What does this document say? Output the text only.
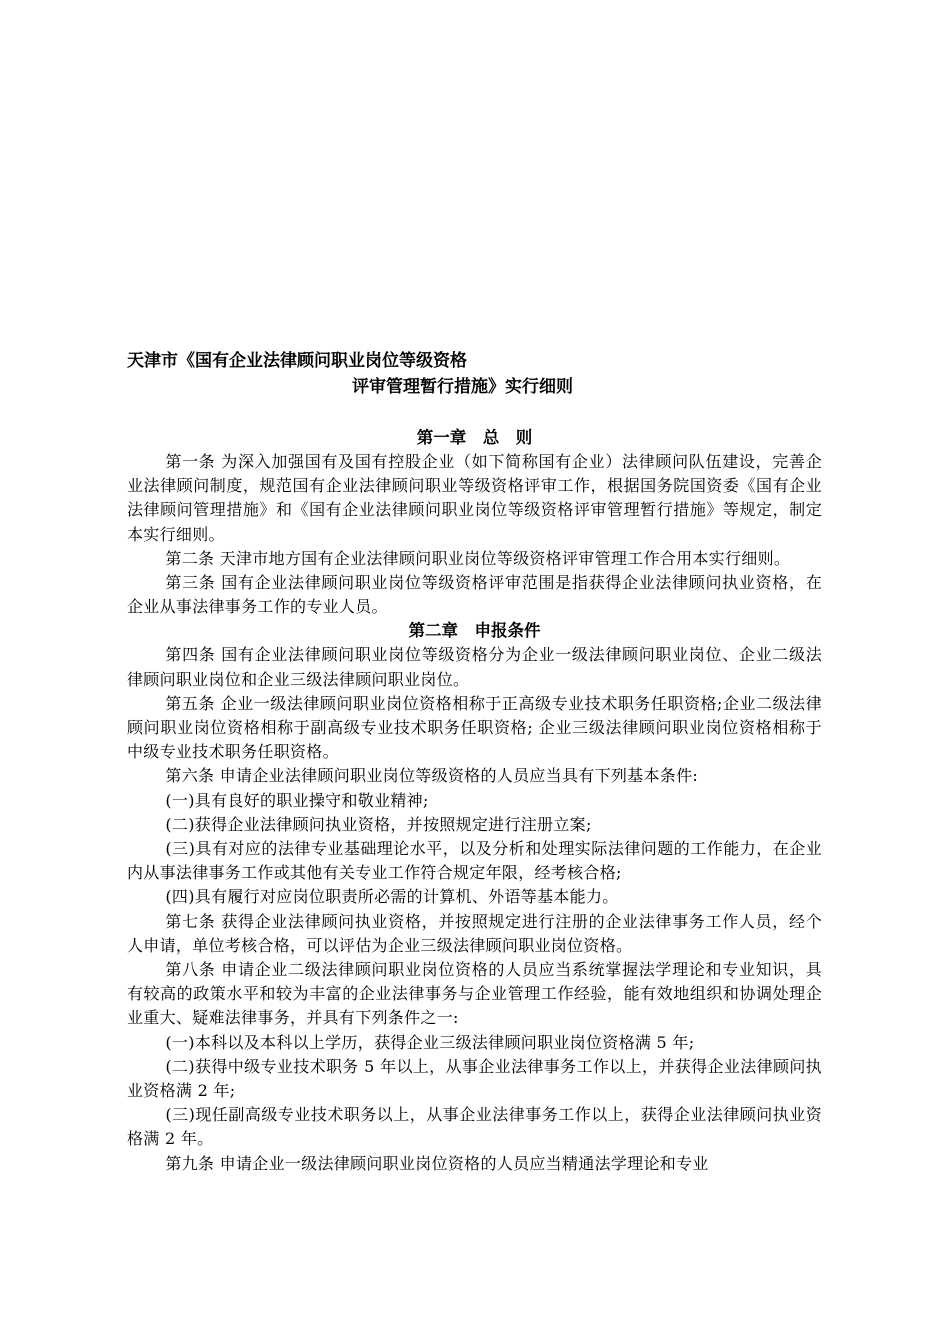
天津市《国有企业法律顾问职业岗位等级资格

评审管理暂行措施》实行细则

第一章　总　则

第一条 为深入加强国有及国有控股企业（如下简称国有企业）法律顾问队伍建设，完善企业法律顾问制度，规范国有企业法律顾问职业等级资格评审工作，根据国务院国资委《国有企业法律顾问管理措施》和《国有企业法律顾问职业岗位等级资格评审管理暂行措施》等规定，制定本实行细则。

第二条 天津市地方国有企业法律顾问职业岗位等级资格评审管理工作合用本实行细则。

第三条 国有企业法律顾问职业岗位等级资格评审范围是指获得企业法律顾问执业资格，在企业从事法律事务工作的专业人员。

第二章　申报条件

第四条 国有企业法律顾问职业岗位等级资格分为企业一级法律顾问职业岗位、企业二级法律顾问职业岗位和企业三级法律顾问职业岗位。

第五条 企业一级法律顾问职业岗位资格相称于正高级专业技术职务任职资格;企业二级法律顾问职业岗位资格相称于副高级专业技术职务任职资格; 企业三级法律顾问职业岗位资格相称于中级专业技术职务任职资格。

第六条 申请企业法律顾问职业岗位等级资格的人员应当具有下列基本条件:

(一)具有良好的职业操守和敬业精神;

(二)获得企业法律顾问执业资格，并按照规定进行注册立案;

(三)具有对应的法律专业基础理论水平，以及分析和处理实际法律问题的工作能力，在企业内从事法律事务工作或其他有关专业工作符合规定年限，经考核合格;

(四)具有履行对应岗位职责所必需的计算机、外语等基本能力。

第七条 获得企业法律顾问执业资格，并按照规定进行注册的企业法律事务工作人员，经个人申请，单位考核合格，可以评估为企业三级法律顾问职业岗位资格。

第八条 申请企业二级法律顾问职业岗位资格的人员应当系统掌握法学理论和专业知识，具有较高的政策水平和较为丰富的企业法律事务与企业管理工作经验，能有效地组织和协调处理企业重大、疑难法律事务，并具有下列条件之一:

(一)本科以及本科以上学历，获得企业三级法律顾问职业岗位资格满 5 年;

(二)获得中级专业技术职务 5 年以上，从事企业法律事务工作以上，并获得企业法律顾问执业资格满 2 年;

(三)现任副高级专业技术职务以上，从事企业法律事务工作以上，获得企业法律顾问执业资格满 2 年。

第九条 申请企业一级法律顾问职业岗位资格的人员应当精通法学理论和专业
